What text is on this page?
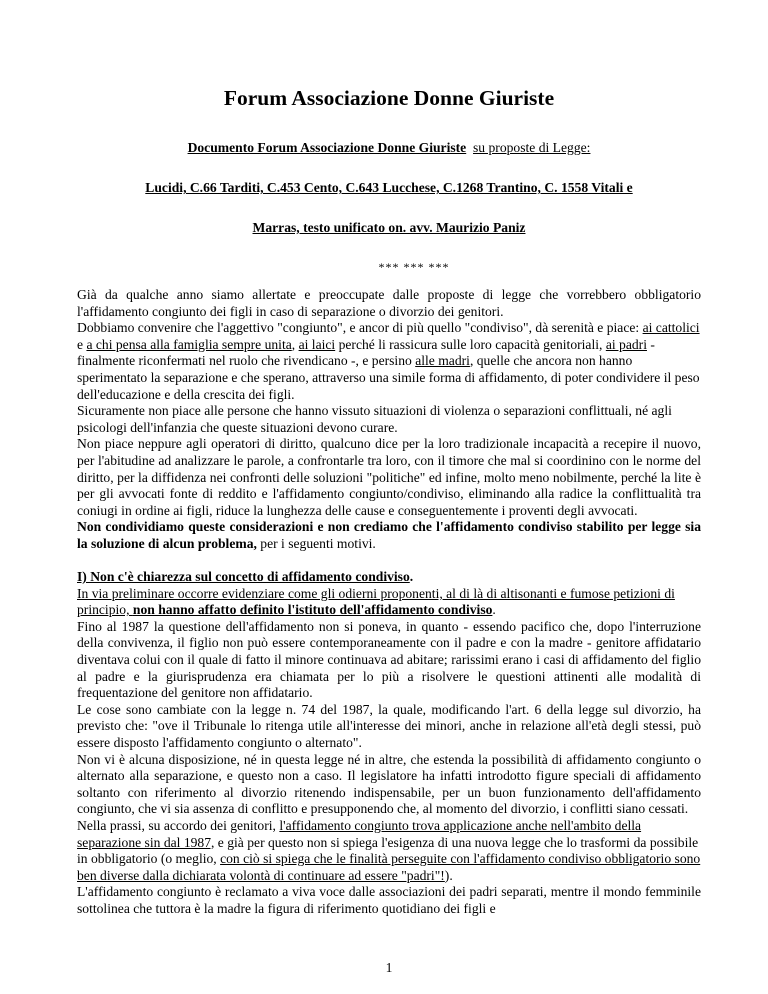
Forum Associazione Donne Giuriste
Documento Forum Associazione Donne Giuriste su proposte di Legge:
Lucidi, C.66 Tarditi, C.453 Cento, C.643 Lucchese, C.1268 Trantino, C. 1558 Vitali e
Marras, testo unificato on. avv. Maurizio Paniz
*** *** ***

Già da qualche anno siamo allertate e preoccupate dalle proposte di legge che vorrebbero obbligatorio l'affidamento congiunto dei figli in caso di separazione o divorzio dei genitori.

Dobbiamo convenire che l'aggettivo "congiunto", e ancor di più quello "condiviso", dà serenità e piace: ai cattolici e a chi pensa alla famiglia sempre unita, ai laici perché li rassicura sulle loro capacità genitoriali, ai padri - finalmente riconfermati nel ruolo che rivendicano -, e persino alle madri, quelle che ancora non hanno sperimentato la separazione e che sperano, attraverso una simile forma di affidamento, di poter condividere il peso dell'educazione e della crescita dei figli.

Sicuramente non piace alle persone che hanno vissuto situazioni di violenza o separazioni conflittuali, né agli psicologi dell'infanzia che queste situazioni devono curare.

Non piace neppure agli operatori di diritto, qualcuno dice per la loro tradizionale incapacità a recepire il nuovo, per l'abitudine ad analizzare le parole, a confrontarle tra loro, con il timore che mal si coordinino con le norme del diritto, per la diffidenza nei confronti delle soluzioni "politiche" ed infine, molto meno nobilmente, perché la lite è per gli avvocati fonte di reddito e l'affidamento congiunto/condiviso, eliminando alla radice la conflittualità tra coniugi in ordine ai figli, riduce la lunghezza delle cause e conseguentemente i proventi degli avvocati.

Non condividiamo queste considerazioni e non crediamo che l'affidamento condiviso stabilito per legge sia la soluzione di alcun problema, per i seguenti motivi.

I) Non c'è chiarezza sul concetto di affidamento condiviso.

In via preliminare occorre evidenziare come gli odierni proponenti, al di là di altisonanti e fumose petizioni di principio, non hanno affatto definito l'istituto dell'affidamento condiviso.

Fino al 1987 la questione dell'affidamento non si poneva, in quanto - essendo pacifico che, dopo l'interruzione della convivenza, il figlio non può essere contemporaneamente con il padre e con la madre - genitore affidatario diventava colui con il quale di fatto il minore continuava ad abitare; rarissimi erano i casi di affidamento del figlio al padre e la giurisprudenza era chiamata per lo più a risolvere le questioni attinenti alle modalità di frequentazione del genitore non affidatario.

Le cose sono cambiate con la legge n. 74 del 1987, la quale, modificando l'art. 6 della legge sul divorzio, ha previsto che: "ove il Tribunale lo ritenga utile all'interesse dei minori, anche in relazione all'età degli stessi, può essere disposto l'affidamento congiunto o alternato".

Non vi è alcuna disposizione, né in questa legge né in altre, che estenda la possibilità di affidamento congiunto o alternato alla separazione, e questo non a caso. Il legislatore ha infatti introdotto figure speciali di affidamento soltanto con riferimento al divorzio ritenendo indispensabile, per un buon funzionamento dell'affidamento congiunto, che vi sia assenza di conflitto e presupponendo che, al momento del divorzio, i conflitti siano cessati.

Nella prassi, su accordo dei genitori, l'affidamento congiunto trova applicazione anche nell'ambito della separazione sin dal 1987, e già per questo non si spiega l'esigenza di una nuova legge che lo trasformi da possibile in obbligatorio (o meglio, con ciò si spiega che le finalità perseguite con l'affidamento condiviso obbligatorio sono ben diverse dalla dichiarata volontà di continuare ad essere "padri"!).

L'affidamento congiunto è reclamato a viva voce dalle associazioni dei padri separati, mentre il mondo femminile sottolinea che tuttora è la madre la figura di riferimento quotidiano dei figli e

1
